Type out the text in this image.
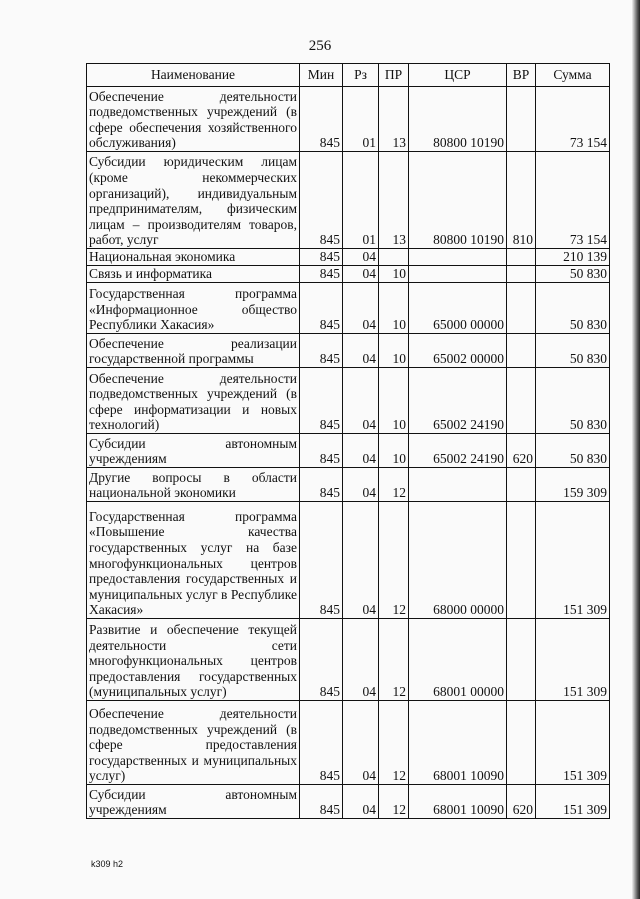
256
Наименование	Мин	Рз	ПР	ЦСР	ВР	Сумма
Обеспечение деятельности подведомственных учреждений (в сфере обеспечения хозяйственного обслуживания)	845	01	13	80800 10190		73 154
Субсидии юридическим лицам (кроме некоммерческих организаций), индивидуальным предпринимателям, физическим лицам – производителям товаров, работ, услуг	845	01	13	80800 10190	810	73 154
Национальная экономика	845	04				210 139
Связь и информатика	845	04	10			50 830
Государственная программа «Информационное общество Республики Хакасия»	845	04	10	65000 00000		50 830
Обеспечение реализации государственной программы	845	04	10	65002 00000		50 830
Обеспечение деятельности подведомственных учреждений (в сфере информатизации и новых технологий)	845	04	10	65002 24190		50 830
Субсидии автономным учреждениям	845	04	10	65002 24190	620	50 830
Другие вопросы в области национальной экономики	845	04	12			159 309
Государственная программа «Повышение качества государственных услуг на базе многофункциональных центров предоставления государственных и муниципальных услуг в Республике Хакасия»	845	04	12	68000 00000		151 309
Развитие и обеспечение текущей деятельности сети многофункциональных центров предоставления государственных (муниципальных услуг)	845	04	12	68001 00000		151 309
Обеспечение деятельности подведомственных учреждений (в сфере предоставления государственных и муниципальных услуг)	845	04	12	68001 10090		151 309
Субсидии автономным учреждениям	845	04	12	68001 10090	620	151 309
k309 h2
